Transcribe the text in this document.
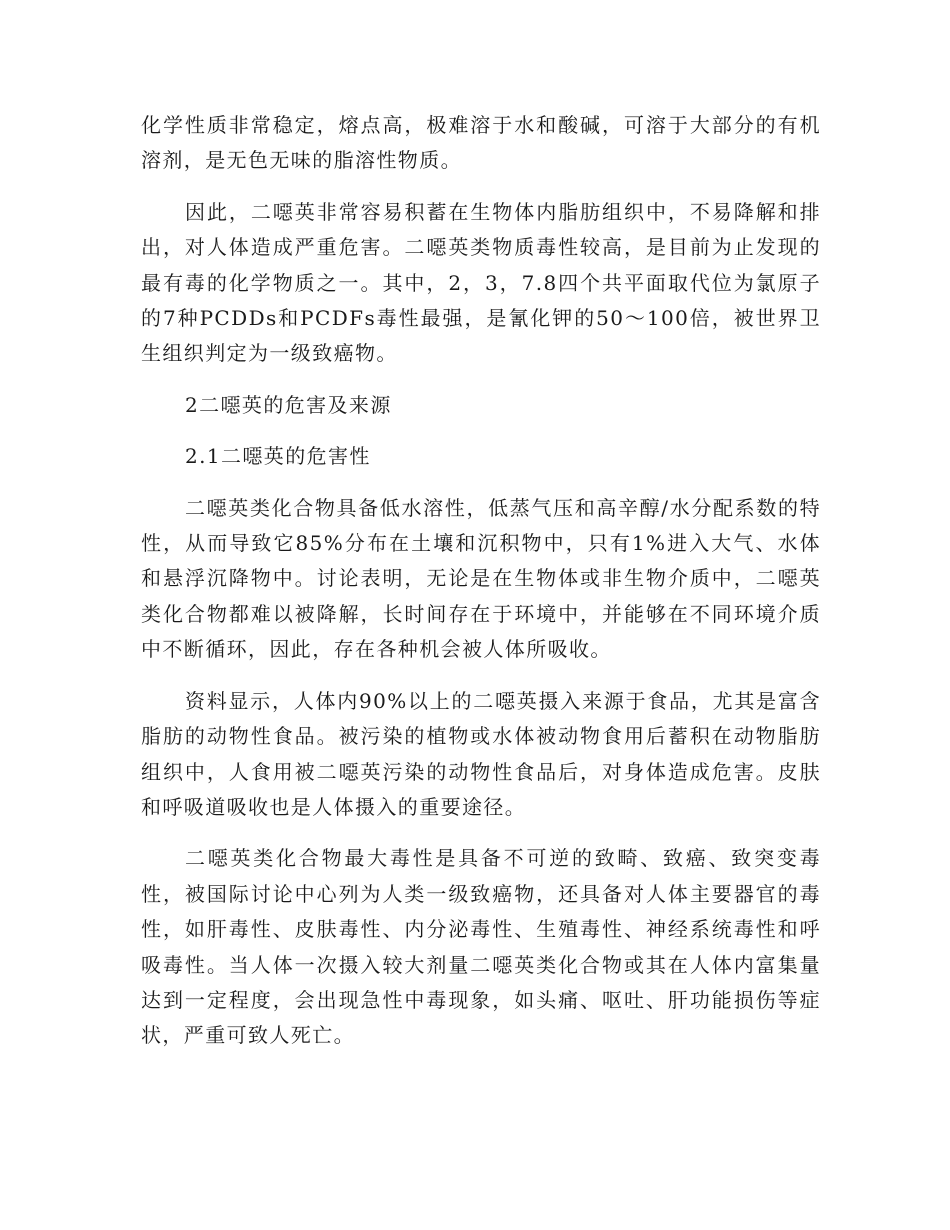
化学性质非常稳定，熔点高，极难溶于水和酸碱，可溶于大部分的有机溶剂，是无色无味的脂溶性物质。

因此，二噁英非常容易积蓄在生物体内脂肪组织中，不易降解和排出，对人体造成严重危害。二噁英类物质毒性较高，是目前为止发现的最有毒的化学物质之一。其中，2，3，7.8四个共平面取代位为氯原子的7种PCDDs和PCDFs毒性最强，是氰化钾的50～100倍，被世界卫生组织判定为一级致癌物。

2二噁英的危害及来源

2.1二噁英的危害性

二噁英类化合物具备低水溶性，低蒸气压和高辛醇/水分配系数的特性，从而导致它85%分布在土壤和沉积物中，只有1%进入大气、水体和悬浮沉降物中。讨论表明，无论是在生物体或非生物介质中，二噁英类化合物都难以被降解，长时间存在于环境中，并能够在不同环境介质中不断循环，因此，存在各种机会被人体所吸收。

资料显示，人体内90%以上的二噁英摄入来源于食品，尤其是富含脂肪的动物性食品。被污染的植物或水体被动物食用后蓄积在动物脂肪组织中，人食用被二噁英污染的动物性食品后，对身体造成危害。皮肤和呼吸道吸收也是人体摄入的重要途径。

二噁英类化合物最大毒性是具备不可逆的致畸、致癌、致突变毒性，被国际讨论中心列为人类一级致癌物，还具备对人体主要器官的毒性，如肝毒性、皮肤毒性、内分泌毒性、生殖毒性、神经系统毒性和呼吸毒性。当人体一次摄入较大剂量二噁英类化合物或其在人体内富集量达到一定程度，会出现急性中毒现象，如头痛、呕吐、肝功能损伤等症状，严重可致人死亡。
